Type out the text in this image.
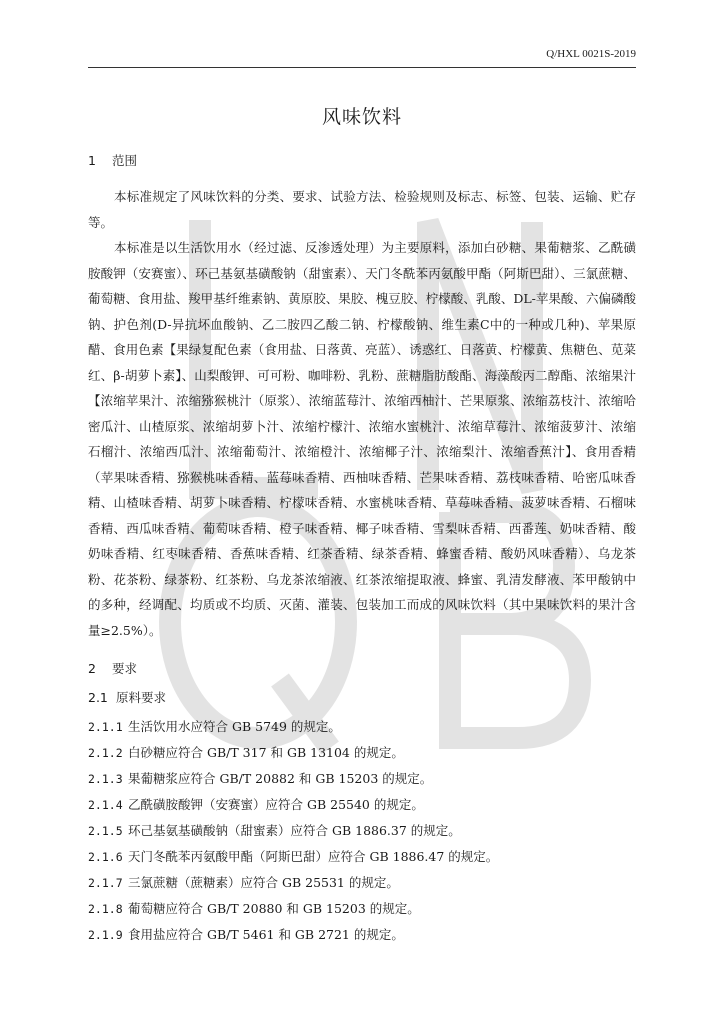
Q/HXL 0021S-2019
风味饮料
1 范围

本标准规定了风味饮料的分类、要求、试验方法、检验规则及标志、标签、包装、运输、贮存等。

本标准是以生活饮用水（经过滤、反渗透处理）为主要原料，添加白砂糖、果葡糖浆、乙酰磺胺酸钾（安赛蜜）、环己基氨基磺酸钠（甜蜜素）、天门冬酰苯丙氨酸甲酯（阿斯巴甜）、三氯蔗糖、葡萄糖、食用盐、羧甲基纤维素钠、黄原胶、果胶、槐豆胶、柠檬酸、乳酸、DL-苹果酸、六偏磷酸钠、护色剂(D-异抗坏血酸钠、乙二胺四乙酸二钠、柠檬酸钠、维生素C中的一种或几种)、苹果原醋、食用色素【果绿复配色素（食用盐、日落黄、亮蓝）、诱惑红、日落黄、柠檬黄、焦糖色、苋菜红、β-胡萝卜素】、山梨酸钾、可可粉、咖啡粉、乳粉、蔗糖脂肪酸酯、海藻酸丙二醇酯、浓缩果汁【浓缩苹果汁、浓缩猕猴桃汁（原浆）、浓缩蓝莓汁、浓缩西柚汁、芒果原浆、浓缩荔枝汁、浓缩哈密瓜汁、山楂原浆、浓缩胡萝卜汁、浓缩柠檬汁、浓缩水蜜桃汁、浓缩草莓汁、浓缩菠萝汁、浓缩石榴汁、浓缩西瓜汁、浓缩葡萄汁、浓缩橙汁、浓缩椰子汁、浓缩梨汁、浓缩香蕉汁】、食用香精（苹果味香精、猕猴桃味香精、蓝莓味香精、西柚味香精、芒果味香精、荔枝味香精、哈密瓜味香精、山楂味香精、胡萝卜味香精、柠檬味香精、水蜜桃味香精、草莓味香精、菠萝味香精、石榴味香精、西瓜味香精、葡萄味香精、橙子味香精、椰子味香精、雪梨味香精、西番莲、奶味香精、酸奶味香精、红枣味香精、香蕉味香精、红茶香精、绿茶香精、蜂蜜香精、酸奶风味香精）、乌龙茶粉、花茶粉、绿茶粉、红茶粉、乌龙茶浓缩液、红茶浓缩提取液、蜂蜜、乳清发酵液、苯甲酸钠中的多种，经调配、均质或不均质、灭菌、灌装、包装加工而成的风味饮料（其中果味饮料的果汁含量≥2.5%）。

2 要求
2.1 原料要求

2.1.1 生活饮用水应符合 GB 5749 的规定。

2.1.2 白砂糖应符合 GB/T 317 和 GB 13104 的规定。

2.1.3 果葡糖浆应符合 GB/T 20882 和 GB 15203 的规定。

2.1.4 乙酰磺胺酸钾（安赛蜜）应符合 GB 25540 的规定。

2.1.5 环己基氨基磺酸钠（甜蜜素）应符合 GB 1886.37 的规定。

2.1.6 天门冬酰苯丙氨酸甲酯（阿斯巴甜）应符合 GB 1886.47 的规定。

2.1.7 三氯蔗糖（蔗糖素）应符合 GB 25531 的规定。

2.1.8 葡萄糖应符合 GB/T 20880 和 GB 15203 的规定。

2.1.9 食用盐应符合 GB/T 5461 和 GB 2721 的规定。
